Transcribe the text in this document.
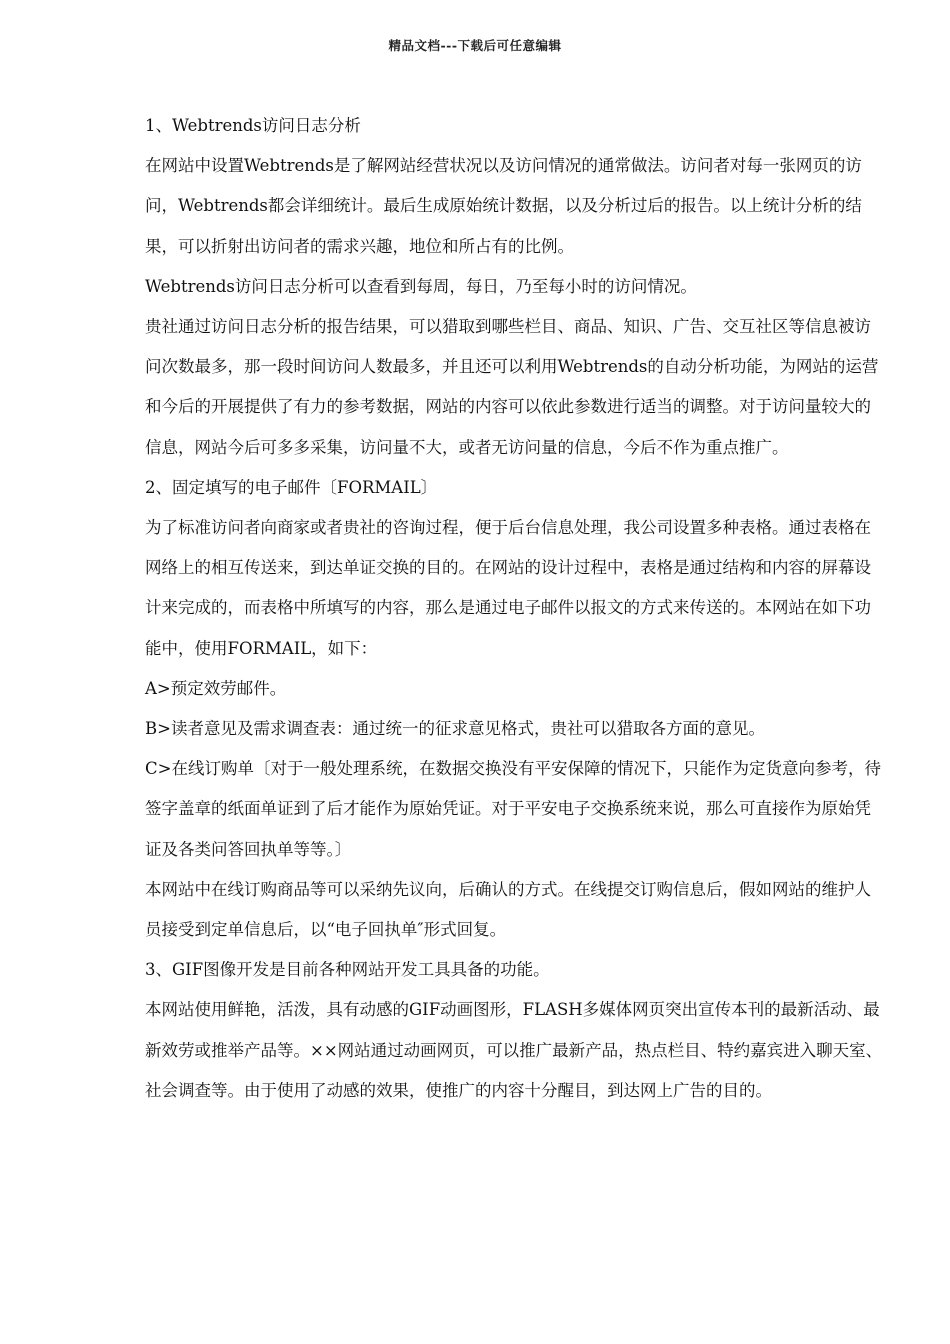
精品文档---下载后可任意编辑

1、Webtrends访问日志分析

在网站中设置Webtrends是了解网站经营状况以及访问情况的通常做法。访问者对每一张网页的访问，Webtrends都会详细统计。最后生成原始统计数据，以及分析过后的报告。以上统计分析的结果，可以折射出访问者的需求兴趣，地位和所占有的比例。

Webtrends访问日志分析可以查看到每周，每日，乃至每小时的访问情况。

贵社通过访问日志分析的报告结果，可以猎取到哪些栏目、商品、知识、广告、交互社区等信息被访问次数最多，那一段时间访问人数最多，并且还可以利用Webtrends的自动分析功能，为网站的运营和今后的开展提供了有力的参考数据，网站的内容可以依此参数进行适当的调整。对于访问量较大的信息，网站今后可多多采集，访问量不大，或者无访问量的信息，今后不作为重点推广。

2、固定填写的电子邮件〔FORMAIL〕

为了标准访问者向商家或者贵社的咨询过程，便于后台信息处理，我公司设置多种表格。通过表格在网络上的相互传送来，到达单证交换的目的。在网站的设计过程中，表格是通过结构和内容的屏幕设计来完成的，而表格中所填写的内容，那么是通过电子邮件以报文的方式来传送的。本网站在如下功能中，使用FORMAIL，如下：

A>预定效劳邮件。

B>读者意见及需求调查表：通过统一的征求意见格式，贵社可以猎取各方面的意见。

C>在线订购单〔对于一般处理系统，在数据交换没有平安保障的情况下，只能作为定货意向参考，待签字盖章的纸面单证到了后才能作为原始凭证。对于平安电子交换系统来说，那么可直接作为原始凭证及各类问答回执单等等。〕

本网站中在线订购商品等可以采纳先议向，后确认的方式。在线提交订购信息后，假如网站的维护人员接受到定单信息后，以“电子回执单″形式回复。

3、GIF图像开发是目前各种网站开发工具具备的功能。

本网站使用鲜艳，活泼，具有动感的GIF动画图形，FLASH多媒体网页突出宣传本刊的最新活动、最新效劳或推举产品等。××网站通过动画网页，可以推广最新产品，热点栏目、特约嘉宾进入聊天室、社会调查等。由于使用了动感的效果，使推广的内容十分醒目，到达网上广告的目的。
